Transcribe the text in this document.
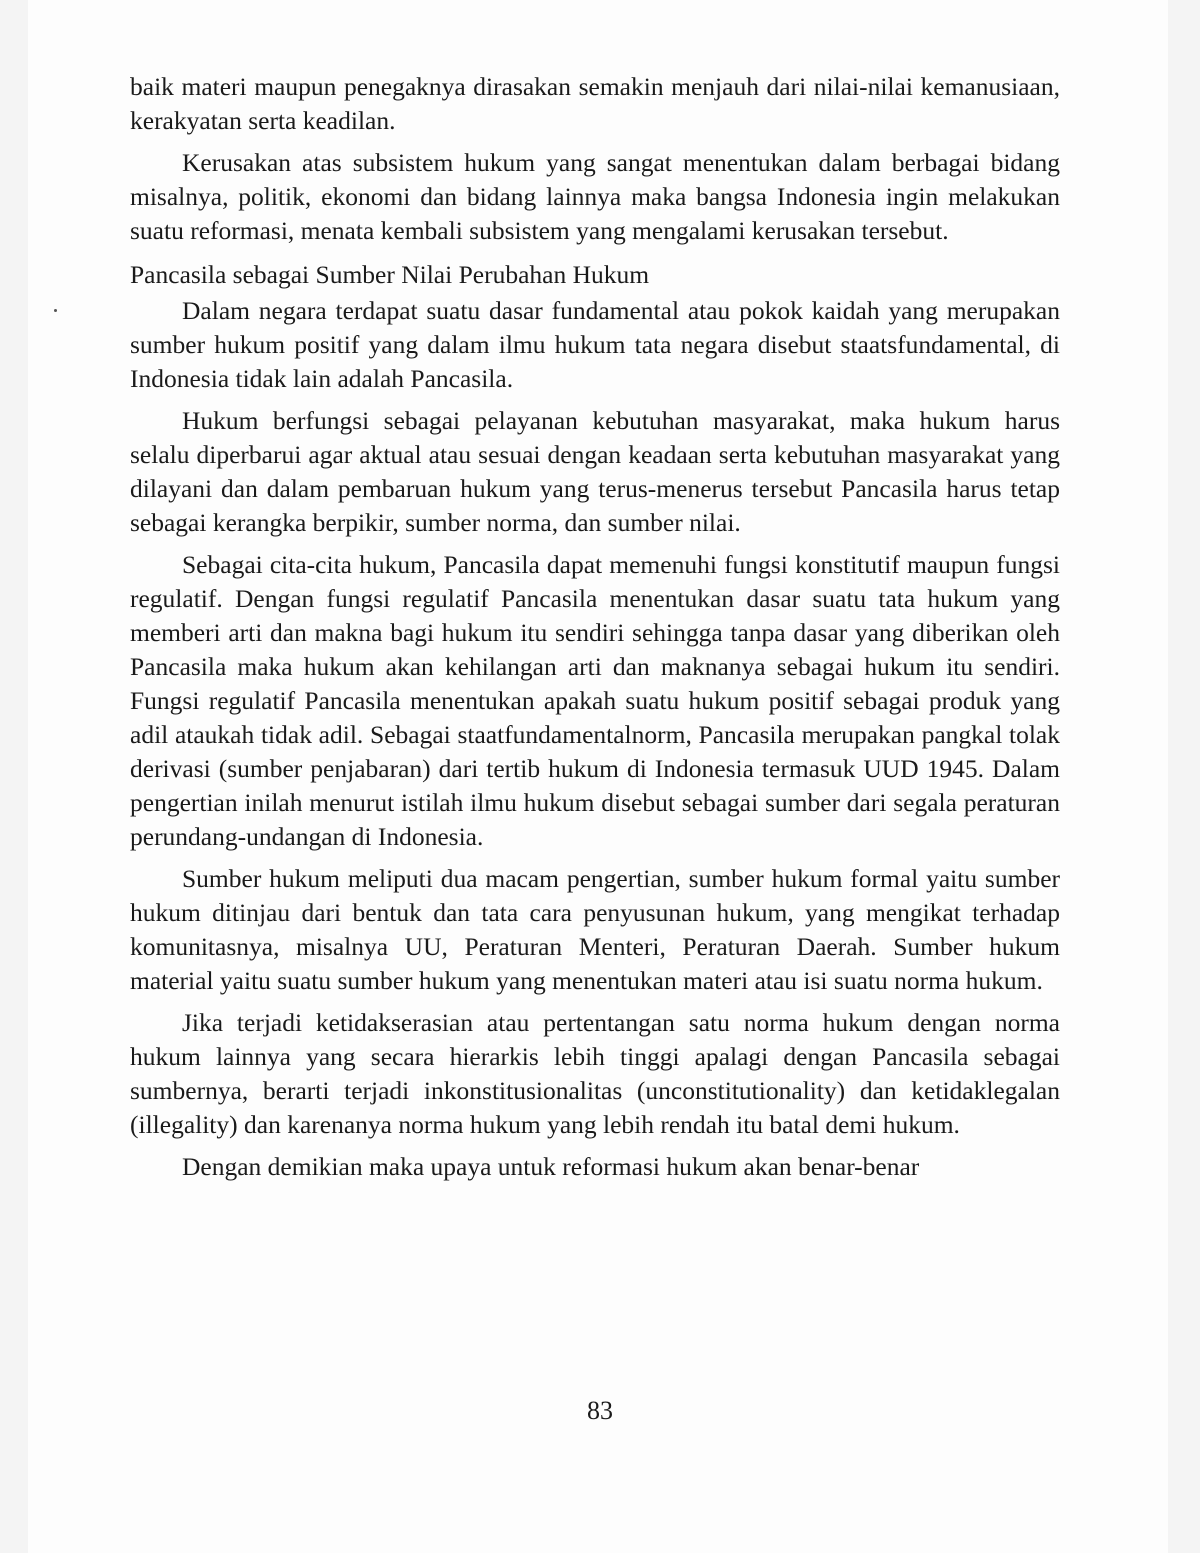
baik materi maupun penegaknya dirasakan semakin menjauh dari nilai-nilai kemanusiaan, kerakyatan serta keadilan.

Kerusakan atas subsistem hukum yang sangat menentukan dalam berbagai bidang misalnya, politik, ekonomi dan bidang lainnya maka bangsa Indonesia ingin melakukan suatu reformasi, menata kembali subsistem yang mengalami kerusakan tersebut.

Pancasila sebagai Sumber Nilai Perubahan Hukum

Dalam negara terdapat suatu dasar fundamental atau pokok kaidah yang merupakan sumber hukum positif yang dalam ilmu hukum tata negara disebut staatsfundamental, di Indonesia tidak lain adalah Pancasila.

Hukum berfungsi sebagai pelayanan kebutuhan masyarakat, maka hukum harus selalu diperbarui agar aktual atau sesuai dengan keadaan serta kebutuhan masyarakat yang dilayani dan dalam pembaruan hukum yang terus-menerus tersebut Pancasila harus tetap sebagai kerangka berpikir, sumber norma, dan sumber nilai.

Sebagai cita-cita hukum, Pancasila dapat memenuhi fungsi konstitutif maupun fungsi regulatif. Dengan fungsi regulatif Pancasila menentukan dasar suatu tata hukum yang memberi arti dan makna bagi hukum itu sendiri sehingga tanpa dasar yang diberikan oleh Pancasila maka hukum akan kehilangan arti dan maknanya sebagai hukum itu sendiri. Fungsi regulatif Pancasila menentukan apakah suatu hukum positif sebagai produk yang adil ataukah tidak adil. Sebagai staatfundamentalnorm, Pancasila merupakan pangkal tolak derivasi (sumber penjabaran) dari tertib hukum di Indonesia termasuk UUD 1945. Dalam pengertian inilah menurut istilah ilmu hukum disebut sebagai sumber dari segala peraturan perundang-undangan di Indonesia.

Sumber hukum meliputi dua macam pengertian, sumber hukum formal yaitu sumber hukum ditinjau dari bentuk dan tata cara penyusunan hukum, yang mengikat terhadap komunitasnya, misalnya UU, Peraturan Menteri, Peraturan Daerah. Sumber hukum material yaitu suatu sumber hukum yang menentukan materi atau isi suatu norma hukum.

Jika terjadi ketidakserasian atau pertentangan satu norma hukum dengan norma hukum lainnya yang secara hierarkis lebih tinggi apalagi dengan Pancasila sebagai sumbernya, berarti terjadi inkonstitusionalitas (unconstitutionality) dan ketidaklegalan (illegality) dan karenanya norma hukum yang lebih rendah itu batal demi hukum.

Dengan demikian maka upaya untuk reformasi hukum akan benar-benar

83
